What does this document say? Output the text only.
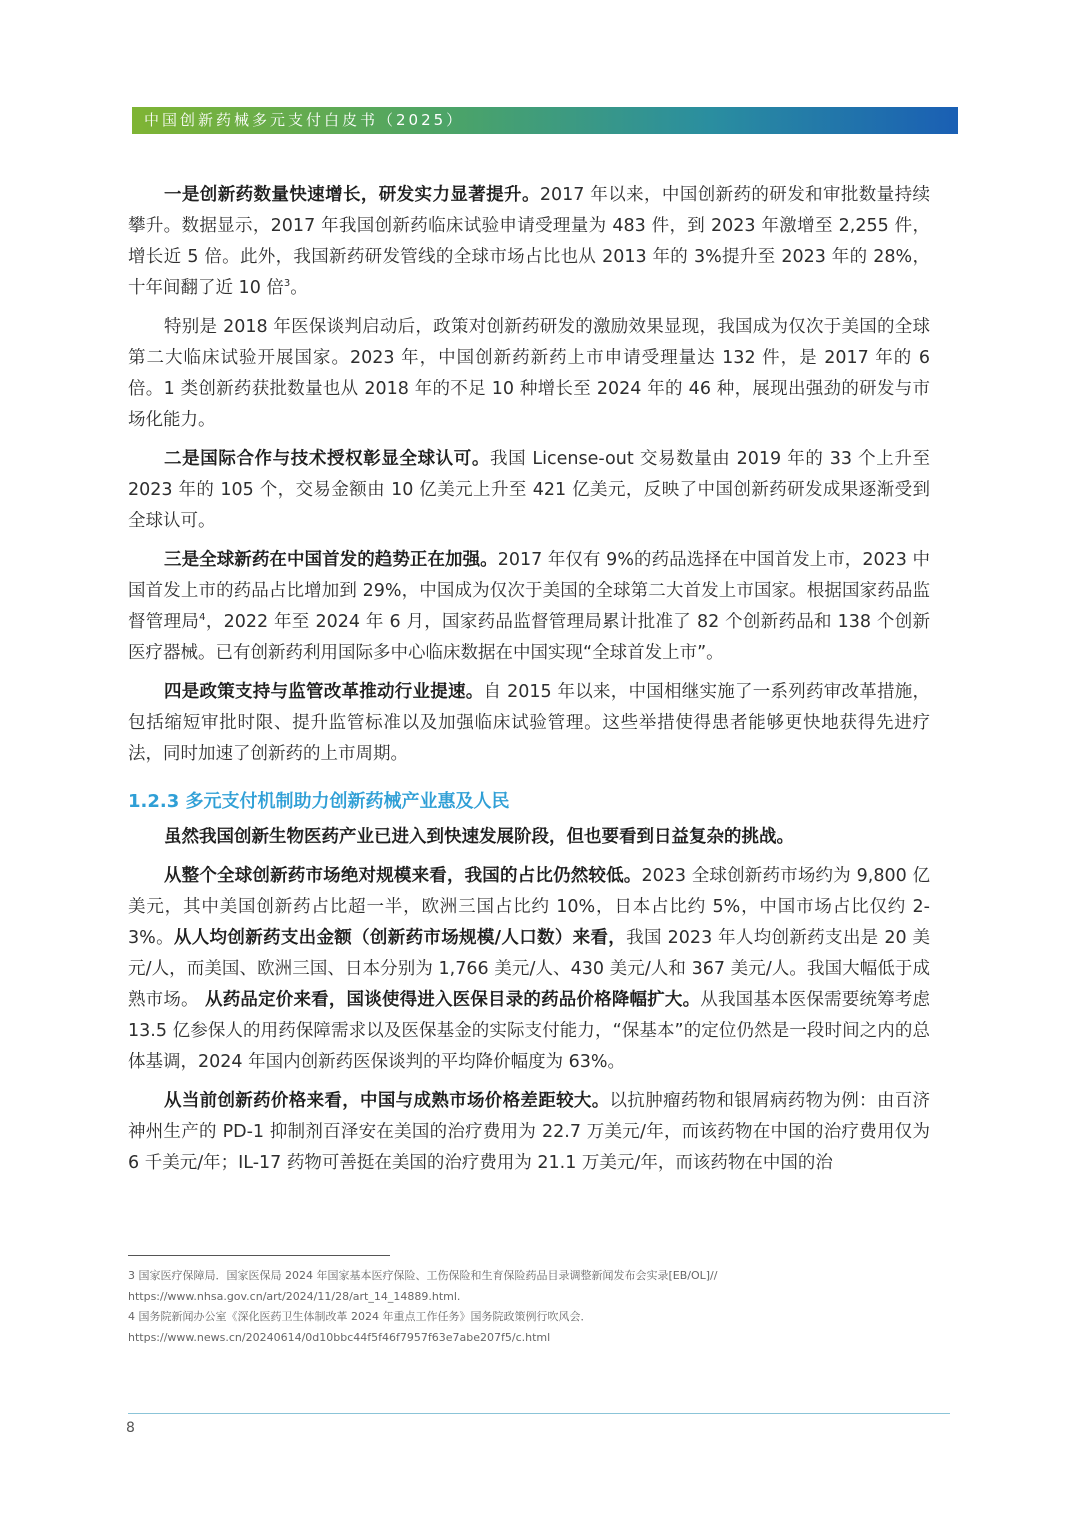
中国创新药械多元支付白皮书（2025）

一是创新药数量快速增长，研发实力显著提升。2017 年以来，中国创新药的研发和审批数量持续攀升。数据显示，2017 年我国创新药临床试验申请受理量为 483 件，到 2023 年激增至 2,255 件，增长近 5 倍。此外，我国新药研发管线的全球市场占比也从 2013 年的 3%提升至 2023 年的 28%，十年间翻了近 10 倍$^3$。

特别是 2018 年医保谈判启动后，政策对创新药研发的激励效果显现，我国成为仅次于美国的全球第二大临床试验开展国家。2023 年，中国创新药新药上市申请受理量达 132 件，是 2017 年的 6 倍。1 类创新药获批数量也从 2018 年的不足 10 种增长至 2024 年的 46 种，展现出强劲的研发与市场化能力。

二是国际合作与技术授权彰显全球认可。我国 License-out 交易数量由 2019 年的 33 个上升至 2023 年的 105 个，交易金额由 10 亿美元上升至 421 亿美元，反映了中国创新药研发成果逐渐受到全球认可。

三是全球新药在中国首发的趋势正在加强。2017 年仅有 9%的药品选择在中国首发上市，2023 中国首发上市的药品占比增加到 29%，中国成为仅次于美国的全球第二大首发上市国家。根据国家药品监督管理局$^4$，2022 年至 2024 年 6 月，国家药品监督管理局累计批准了 82 个创新药品和 138 个创新医疗器械。已有创新药利用国际多中心临床数据在中国实现“全球首发上市”。

四是政策支持与监管改革推动行业提速。自 2015 年以来，中国相继实施了一系列药审改革措施，包括缩短审批时限、提升监管标准以及加强临床试验管理。这些举措使得患者能够更快地获得先进疗法，同时加速了创新药的上市周期。

1.2.3 多元支付机制助力创新药械产业惠及人民

虽然我国创新生物医药产业已进入到快速发展阶段，但也要看到日益复杂的挑战。

从整个全球创新药市场绝对规模来看，我国的占比仍然较低。2023 全球创新药市场约为 9,800 亿美元，其中美国创新药占比超一半，欧洲三国占比约 10%，日本占比约 5%，中国市场占比仅约 2-3%。从人均创新药支出金额（创新药市场规模/人口数）来看，我国 2023 年人均创新药支出是 20 美元/人，而美国、欧洲三国、日本分别为 1,766 美元/人、430 美元/人和 367 美元/人。我国大幅低于成熟市场。 从药品定价来看，国谈使得进入医保目录的药品价格降幅扩大。从我国基本医保需要统筹考虑 13.5 亿参保人的用药保障需求以及医保基金的实际支付能力，“保基本”的定位仍然是一段时间之内的总体基调，2024 年国内创新药医保谈判的平均降价幅度为 63%。

从当前创新药价格来看，中国与成熟市场价格差距较大。以抗肿瘤药物和银屑病药物为例：由百济神州生产的 PD-1 抑制剂百泽安在美国的治疗费用为 22.7 万美元/年，而该药物在中国的治疗费用仅为 6 千美元/年；IL-17 药物可善挺在美国的治疗费用为 21.1 万美元/年，而该药物在中国的治

3 国家医疗保障局．国家医保局 2024 年国家基本医疗保险、工伤保险和生育保险药品目录调整新闻发布会实录[EB/OL]//
https://www.nhsa.gov.cn/art/2024/11/28/art_14_14889.html.
4 国务院新闻办公室《深化医药卫生体制改革 2024 年重点工作任务》国务院政策例行吹风会．
https://www.news.cn/20240614/0d10bbc44f5f46f7957f63e7abe207f5/c.html
8
